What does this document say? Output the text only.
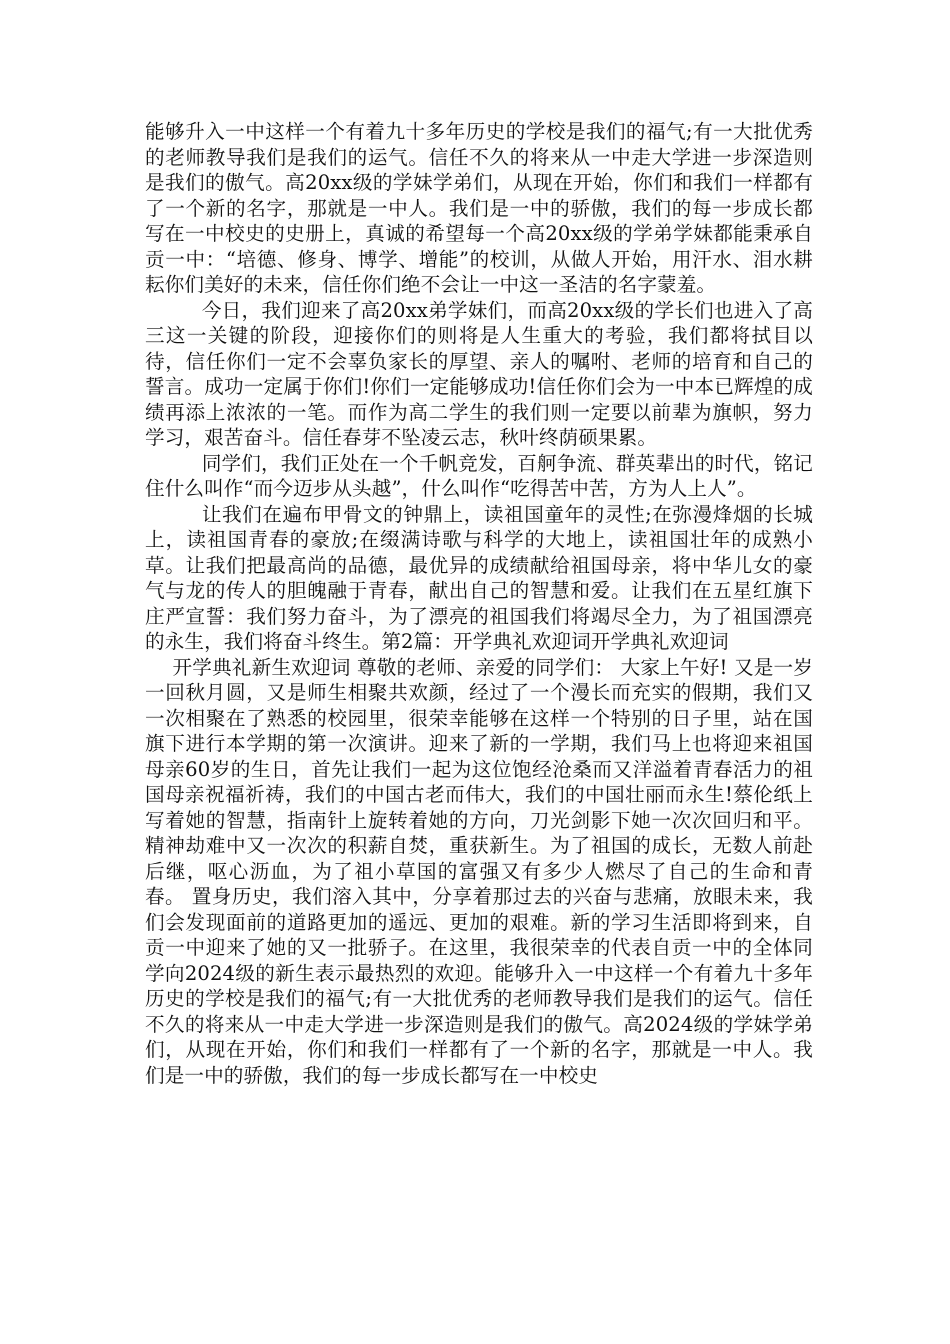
能够升入一中这样一个有着九十多年历史的学校是我们的福气;有一大批优秀的老师教导我们是我们的运气。信任不久的将来从一中走大学进一步深造则是我们的傲气。高20xx级的学妹学弟们，从现在开始，你们和我们一样都有了一个新的名字，那就是一中人。我们是一中的骄傲，我们的每一步成长都写在一中校史的史册上，真诚的希望每一个高20xx级的学弟学妹都能秉承自贡一中：“培德、修身、博学、增能”的校训，从做人开始，用汗水、泪水耕耘你们美好的未来，信任你们绝不会让一中这一圣洁的名字蒙羞。

今日，我们迎来了高20xx弟学妹们，而高20xx级的学长们也进入了高三这一关键的阶段，迎接你们的则将是人生重大的考验，我们都将拭目以待，信任你们一定不会辜负家长的厚望、亲人的嘱咐、老师的培育和自己的誓言。成功一定属于你们!你们一定能够成功!信任你们会为一中本已辉煌的成绩再添上浓浓的一笔。而作为高二学生的我们则一定要以前辈为旗帜，努力学习，艰苦奋斗。信任春芽不坠凌云志，秋叶终荫硕果累。

同学们，我们正处在一个千帆竞发，百舸争流、群英辈出的时代，铭记住什么叫作“而今迈步从头越”，什么叫作“吃得苦中苦，方为人上人”。

让我们在遍布甲骨文的钟鼎上，读祖国童年的灵性;在弥漫烽烟的长城上，读祖国青春的豪放;在缀满诗歌与科学的大地上，读祖国壮年的成熟小草。让我们把最高尚的品德，最优异的成绩献给祖国母亲，将中华儿女的豪气与龙的传人的胆魄融于青春，献出自己的智慧和爱。让我们在五星红旗下庄严宣誓：我们努力奋斗，为了漂亮的祖国我们将竭尽全力，为了祖国漂亮的永生，我们将奋斗终生。第2篇：开学典礼欢迎词开学典礼欢迎词

开学典礼新生欢迎词 尊敬的老师、亲爱的同学们： 大家上午好! 又是一岁一回秋月圆，又是师生相聚共欢颜，经过了一个漫长而充实的假期，我们又一次相聚在了熟悉的校园里，很荣幸能够在这样一个特别的日子里，站在国旗下进行本学期的第一次演讲。迎来了新的一学期，我们马上也将迎来祖国母亲60岁的生日，首先让我们一起为这位饱经沧桑而又洋溢着青春活力的祖国母亲祝福祈祷，我们的中国古老而伟大，我们的中国壮丽而永生!蔡伦纸上写着她的智慧，指南针上旋转着她的方向，刀光剑影下她一次次回归和平。精神劫难中又一次次的积薪自焚，重获新生。为了祖国的成长，无数人前赴后继，呕心沥血，为了祖小草国的富强又有多少人燃尽了自己的生命和青春。 置身历史，我们溶入其中，分享着那过去的兴奋与悲痛，放眼未来，我们会发现面前的道路更加的遥远、更加的艰难。新的学习生活即将到来，自贡一中迎来了她的又一批骄子。在这里，我很荣幸的代表自贡一中的全体同学向2024级的新生表示最热烈的欢迎。能够升入一中这样一个有着九十多年历史的学校是我们的福气;有一大批优秀的老师教导我们是我们的运气。信任不久的将来从一中走大学进一步深造则是我们的傲气。高2024级的学妹学弟们，从现在开始，你们和我们一样都有了一个新的名字，那就是一中人。我们是一中的骄傲，我们的每一步成长都写在一中校史
